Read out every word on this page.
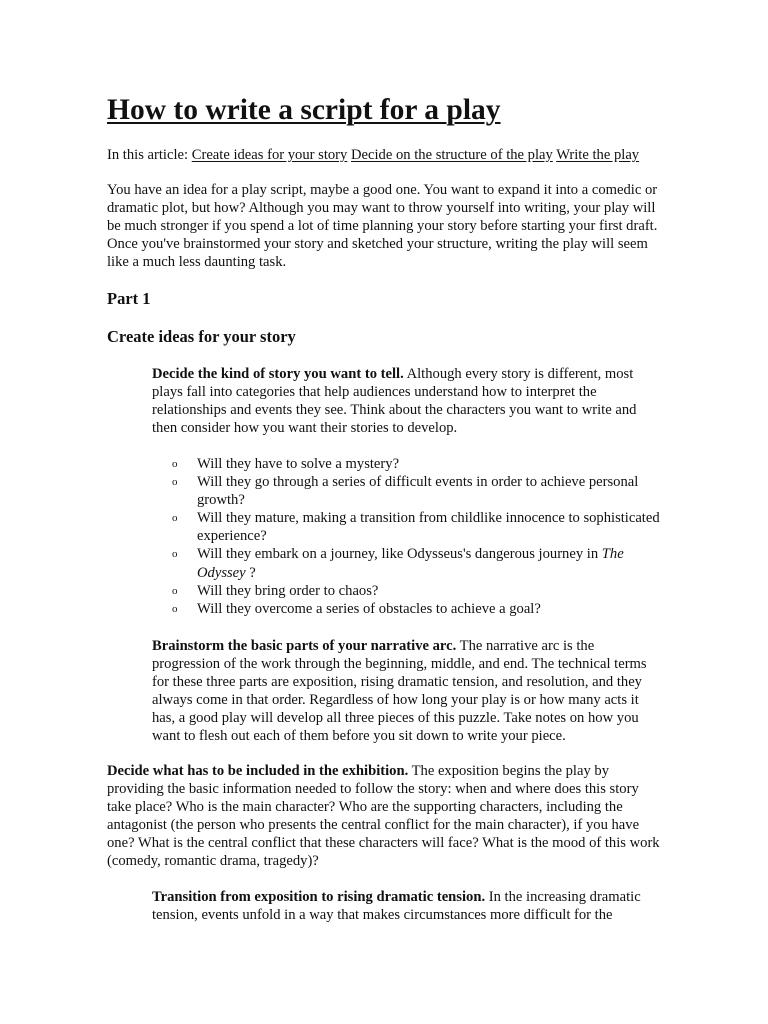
How to write a script for a play
In this article: Create ideas for your story Decide on the structure of the play Write the play

You have an idea for a play script, maybe a good one. You want to expand it into a comedic or dramatic plot, but how? Although you may want to throw yourself into writing, your play will be much stronger if you spend a lot of time planning your story before starting your first draft. Once you've brainstormed your story and sketched your structure, writing the play will seem like a much less daunting task.

Part 1
Create ideas for your story

Decide the kind of story you want to tell. Although every story is different, most plays fall into categories that help audiences understand how to interpret the relationships and events they see. Think about the characters you want to write and then consider how you want their stories to develop.

o Will they have to solve a mystery?
o Will they go through a series of difficult events in order to achieve personal growth?
o Will they mature, making a transition from childlike innocence to sophisticated experience?
o Will they embark on a journey, like Odysseus's dangerous journey in The Odyssey ?
o Will they bring order to chaos?
o Will they overcome a series of obstacles to achieve a goal?

Brainstorm the basic parts of your narrative arc. The narrative arc is the progression of the work through the beginning, middle, and end. The technical terms for these three parts are exposition, rising dramatic tension, and resolution, and they always come in that order. Regardless of how long your play is or how many acts it has, a good play will develop all three pieces of this puzzle. Take notes on how you want to flesh out each of them before you sit down to write your piece.

Decide what has to be included in the exhibition. The exposition begins the play by providing the basic information needed to follow the story: when and where does this story take place? Who is the main character? Who are the supporting characters, including the antagonist (the person who presents the central conflict for the main character), if you have one? What is the central conflict that these characters will face? What is the mood of this work (comedy, romantic drama, tragedy)?

Transition from exposition to rising dramatic tension. In the increasing dramatic tension, events unfold in a way that makes circumstances more difficult for the
